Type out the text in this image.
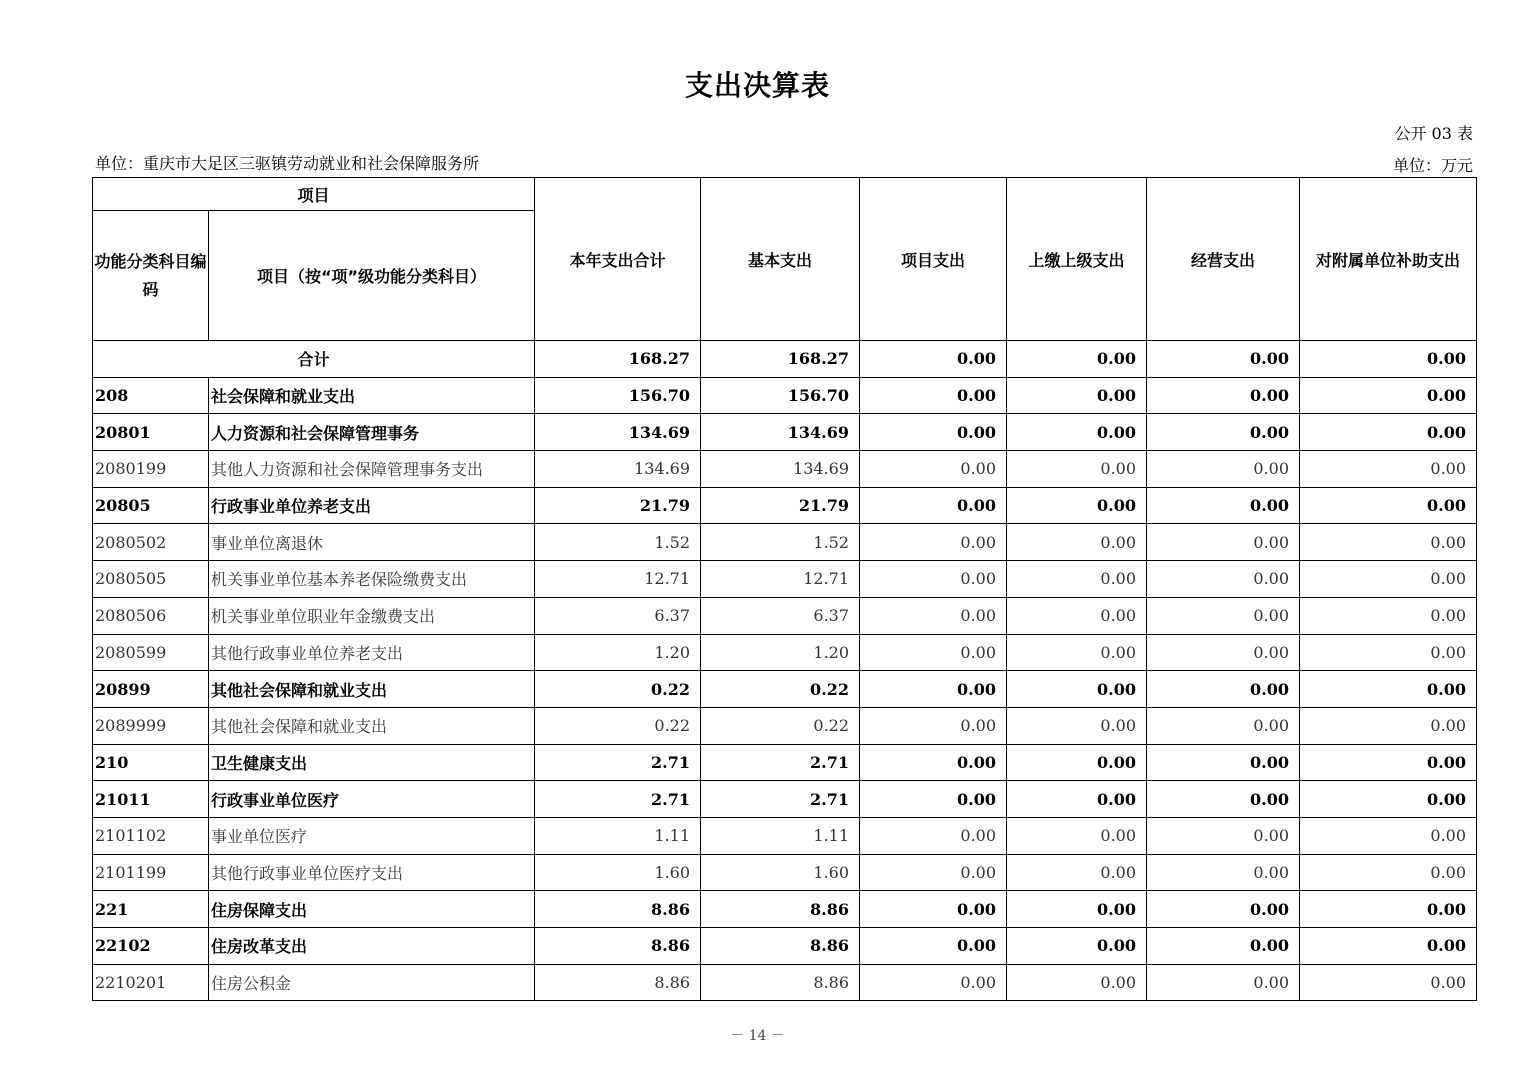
支出决算表
公开 03 表
单位：重庆市大足区三驱镇劳动就业和社会保障服务所	单位：万元
项目		本年支出合计	基本支出	项目支出	上缴上级支出	经营支出	对附属单位补助支出
功能分类科目编码	项目（按“项”级功能分类科目）						
合计		168.27	168.27	0.00	0.00	0.00	0.00
208	社会保障和就业支出	156.70	156.70	0.00	0.00	0.00	0.00
20801	人力资源和社会保障管理事务	134.69	134.69	0.00	0.00	0.00	0.00
2080199	其他人力资源和社会保障管理事务支出	134.69	134.69	0.00	0.00	0.00	0.00
20805	行政事业单位养老支出	21.79	21.79	0.00	0.00	0.00	0.00
2080502	事业单位离退休	1.52	1.52	0.00	0.00	0.00	0.00
2080505	机关事业单位基本养老保险缴费支出	12.71	12.71	0.00	0.00	0.00	0.00
2080506	机关事业单位职业年金缴费支出	6.37	6.37	0.00	0.00	0.00	0.00
2080599	其他行政事业单位养老支出	1.20	1.20	0.00	0.00	0.00	0.00
20899	其他社会保障和就业支出	0.22	0.22	0.00	0.00	0.00	0.00
2089999	其他社会保障和就业支出	0.22	0.22	0.00	0.00	0.00	0.00
210	卫生健康支出	2.71	2.71	0.00	0.00	0.00	0.00
21011	行政事业单位医疗	2.71	2.71	0.00	0.00	0.00	0.00
2101102	事业单位医疗	1.11	1.11	0.00	0.00	0.00	0.00
2101199	其他行政事业单位医疗支出	1.60	1.60	0.00	0.00	0.00	0.00
221	住房保障支出	8.86	8.86	0.00	0.00	0.00	0.00
22102	住房改革支出	8.86	8.86	0.00	0.00	0.00	0.00
2210201	住房公积金	8.86	8.86	0.00	0.00	0.00	0.00
－ 14 －
